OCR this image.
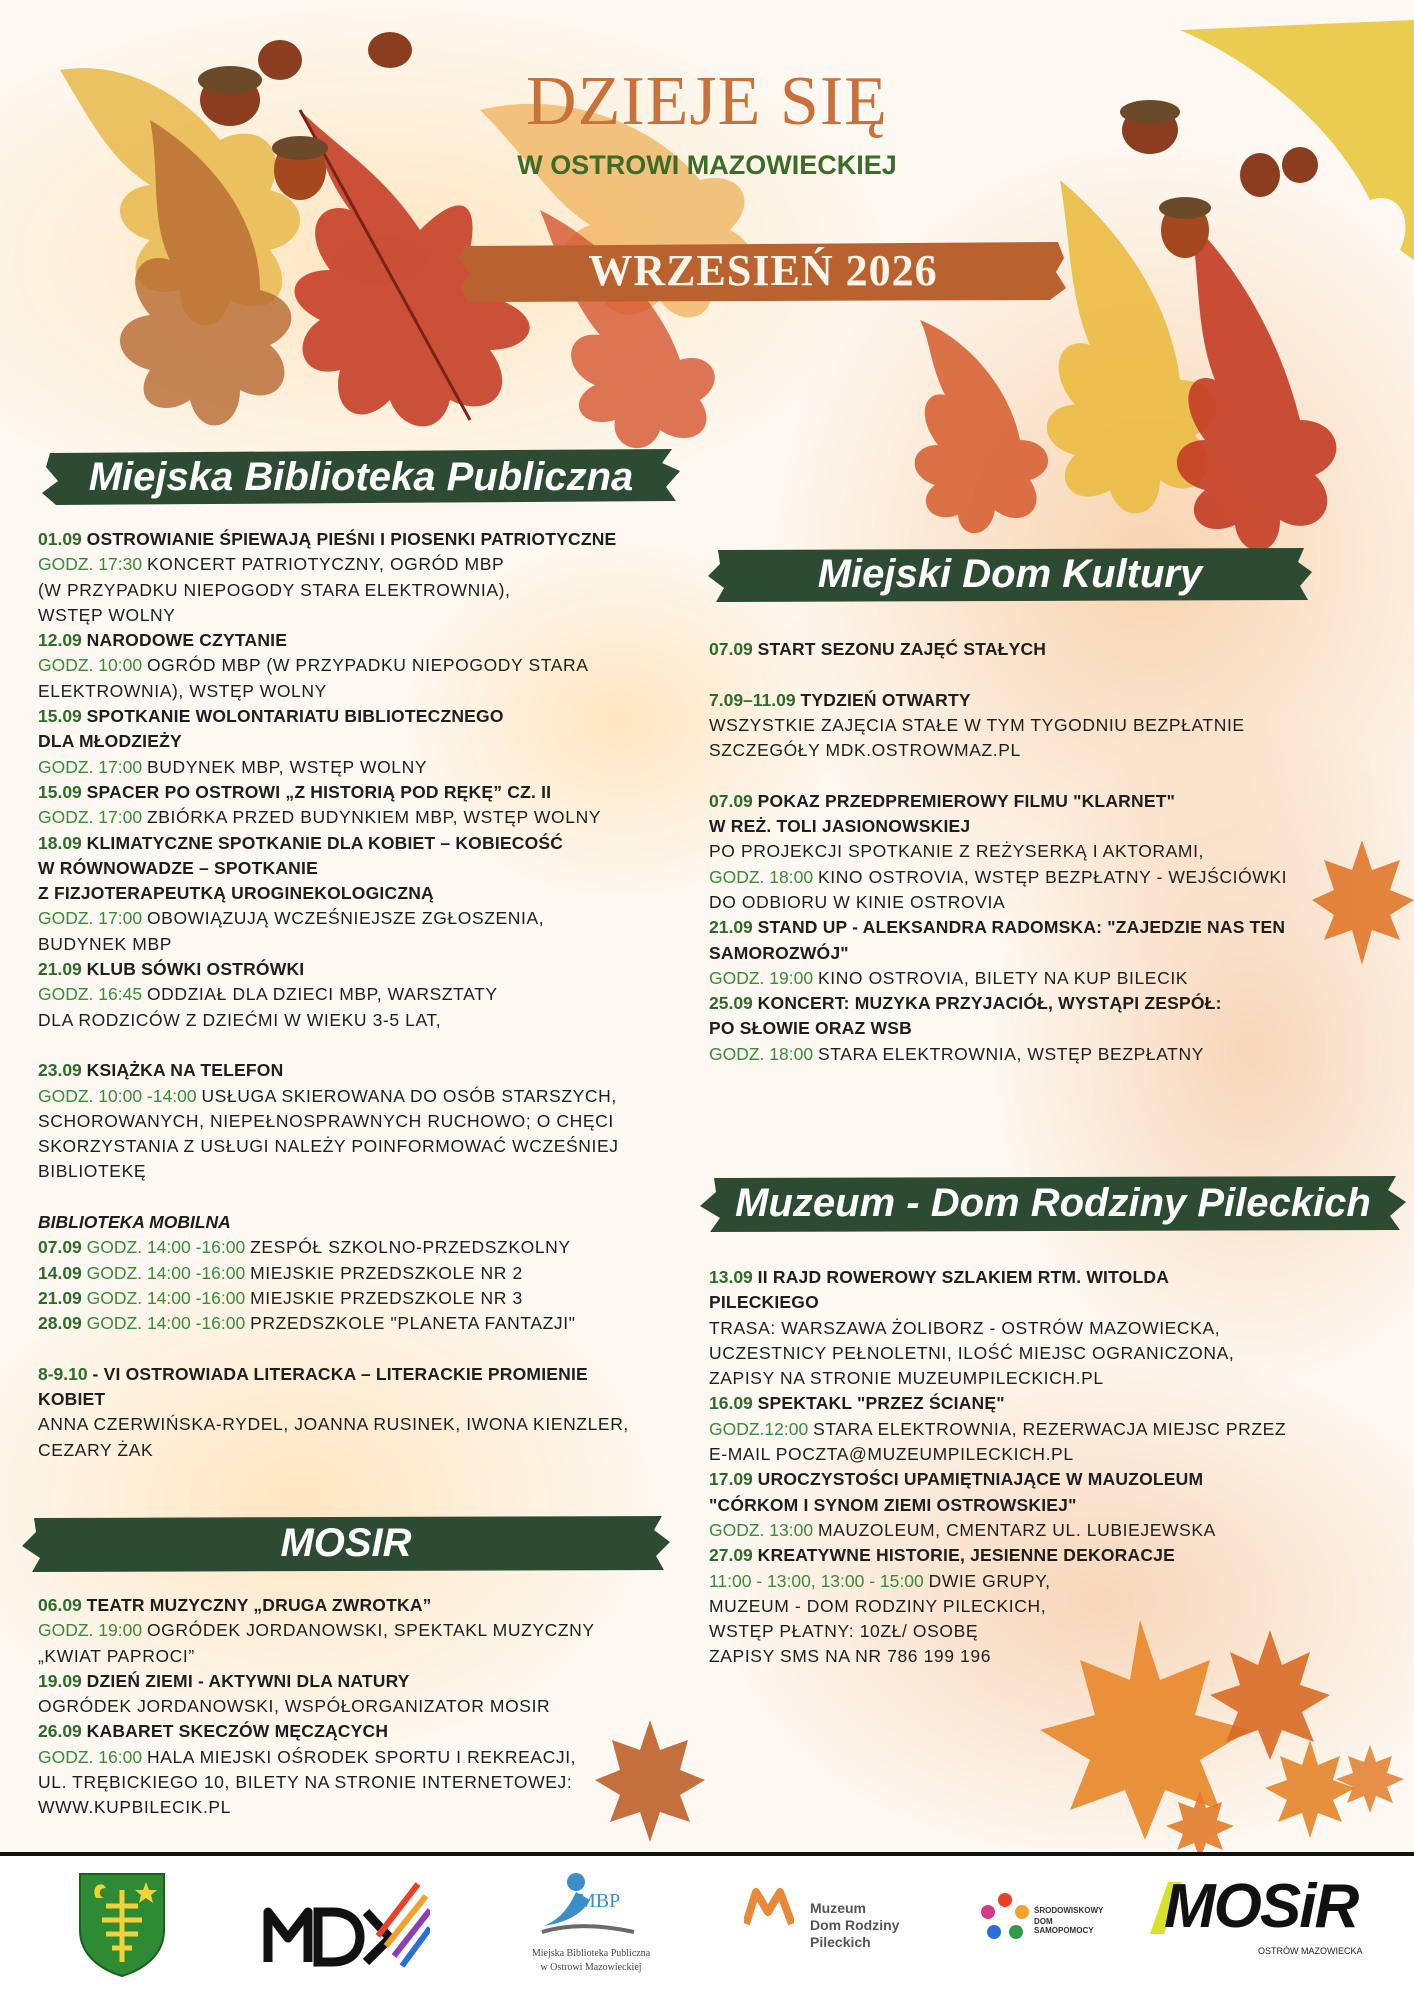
DZIEJE SIĘ
W OSTROWI MAZOWIECKIEJ
WRZESIEŃ 2026
Miejska Biblioteka Publiczna
Miejski Dom Kultury
Muzeum - Dom Rodziny Pileckich
MOSIR
01.09 OSTROWIANIE ŚPIEWAJĄ PIEŚNI I PIOSENKI PATRIOTYCZNE
GODZ. 17:30 KONCERT PATRIOTYCZNY, OGRÓD MBP
(W PRZYPADKU NIEPOGODY STARA ELEKTROWNIA),
WSTĘP WOLNY
12.09 NARODOWE CZYTANIE
GODZ. 10:00 OGRÓD MBP (W PRZYPADKU NIEPOGODY STARA
ELEKTROWNIA), WSTĘP WOLNY
15.09 SPOTKANIE WOLONTARIATU BIBLIOTECZNEGO
DLA MŁODZIEŻY
GODZ. 17:00 BUDYNEK MBP, WSTĘP WOLNY
15.09 SPACER PO OSTROWI „Z HISTORIĄ POD RĘKĘ” CZ. II
GODZ. 17:00 ZBIÓRKA PRZED BUDYNKIEM MBP, WSTĘP WOLNY
18.09 KLIMATYCZNE SPOTKANIE DLA KOBIET – KOBIECOŚĆ
W RÓWNOWADZE – SPOTKANIE
Z FIZJOTERAPEUTKĄ UROGINEKOLOGICZNĄ
GODZ. 17:00 OBOWIĄZUJĄ WCZEŚNIEJSZE ZGŁOSZENIA,
BUDYNEK MBP
21.09 KLUB SÓWKI OSTRÓWKI
GODZ. 16:45 ODDZIAŁ DLA DZIECI MBP, WARSZTATY
DLA RODZICÓW Z DZIEĆMI W WIEKU 3-5 LAT,
23.09 KSIĄŻKA NA TELEFON
GODZ. 10:00 -14:00 USŁUGA SKIEROWANA DO OSÓB STARSZYCH,
SCHOROWANYCH, NIEPEŁNOSPRAWNYCH RUCHOWO; O CHĘCI
SKORZYSTANIA Z USŁUGI NALEŻY POINFORMOWAĆ WCZEŚNIEJ
BIBLIOTEKĘ
BIBLIOTEKA MOBILNA
07.09 GODZ. 14:00 -16:00 ZESPÓŁ SZKOLNO-PRZEDSZKOLNY
14.09 GODZ. 14:00 -16:00 MIEJSKIE PRZEDSZKOLE NR 2
21.09 GODZ. 14:00 -16:00 MIEJSKIE PRZEDSZKOLE NR 3
28.09 GODZ. 14:00 -16:00 PRZEDSZKOLE "PLANETA FANTAZJI"
8-9.10 - VI OSTROWIADA LITERACKA – LITERACKIE PROMIENIE
KOBIET
ANNA CZERWIŃSKA-RYDEL, JOANNA RUSINEK, IWONA KIENZLER,
CEZARY ŻAK
07.09 START SEZONU ZAJĘĆ STAŁYCH
7.09–11.09 TYDZIEŃ OTWARTY
WSZYSTKIE ZAJĘCIA STAŁE W TYM TYGODNIU BEZPŁATNIE
SZCZEGÓŁY MDK.OSTROWMAZ.PL
07.09 POKAZ PRZEDPREMIEROWY FILMU "KLARNET"
W REŻ. TOLI JASIONOWSKIEJ
PO PROJEKCJI SPOTKANIE Z REŻYSERKĄ I AKTORAMI,
GODZ. 18:00 KINO OSTROVIA, WSTĘP BEZPŁATNY - WEJŚCIÓWKI
DO ODBIORU W KINIE OSTROVIA
21.09 STAND UP - ALEKSANDRA RADOMSKA: "ZAJEDZIE NAS TEN
SAMOROZWÓJ"
GODZ. 19:00 KINO OSTROVIA, BILETY NA KUP BILECIK
25.09 KONCERT: MUZYKA PRZYJACIÓŁ, WYSTĄPI ZESPÓŁ:
PO SŁOWIE ORAZ WSB
GODZ. 18:00 STARA ELEKTROWNIA, WSTĘP BEZPŁATNY
13.09 II RAJD ROWEROWY SZLAKIEM RTM. WITOLDA
PILECKIEGO
TRASA: WARSZAWA ŻOLIBORZ - OSTRÓW MAZOWIECKA,
UCZESTNICY PEŁNOLETNI, ILOŚĆ MIEJSC OGRANICZONA,
ZAPISY NA STRONIE MUZEUMPILECKICH.PL
16.09 SPEKTAKL "PRZEZ ŚCIANĘ"
GODZ.12:00 STARA ELEKTROWNIA, REZERWACJA MIEJSC PRZEZ
E-MAIL POCZTA@MUZEUMPILECKICH.PL
17.09 UROCZYSTOŚCI UPAMIĘTNIAJĄCE W MAUZOLEUM
"CÓRKOM I SYNOM ZIEMI OSTROWSKIEJ"
GODZ. 13:00 MAUZOLEUM, CMENTARZ UL. LUBIEJEWSKA
27.09 KREATYWNE HISTORIE, JESIENNE DEKORACJE
11:00 - 13:00, 13:00 - 15:00 DWIE GRUPY,
MUZEUM - DOM RODZINY PILECKICH,
WSTĘP PŁATNY: 10ZŁ/ OSOBĘ
ZAPISY SMS NA NR 786 199 196
06.09 TEATR MUZYCZNY „DRUGA ZWROTKA”
GODZ. 19:00 OGRÓDEK JORDANOWSKI, SPEKTAKL MUZYCZNY
„KWIAT PAPROCI”
19.09 DZIEŃ ZIEMI - AKTYWNI DLA NATURY
OGRÓDEK JORDANOWSKI, WSPÓŁORGANIZATOR MOSIR
26.09 KABARET SKECZÓW MĘCZĄCYCH
GODZ. 16:00 HALA MIEJSKI OŚRODEK SPORTU I REKREACJI,
UL. TRĘBICKIEGO 10, BILETY NA STRONIE INTERNETOWEJ:
WWW.KUPBILECIK.PL
MBP
Miejska Biblioteka Publiczna
w Ostrowi Mazowieckiej
Muzeum
Dom Rodziny
Pileckich
ŚRODOWISKOWY
DOM SAMOPOMOCY MOSiR
OSTRÓW MAZOWIECKA
